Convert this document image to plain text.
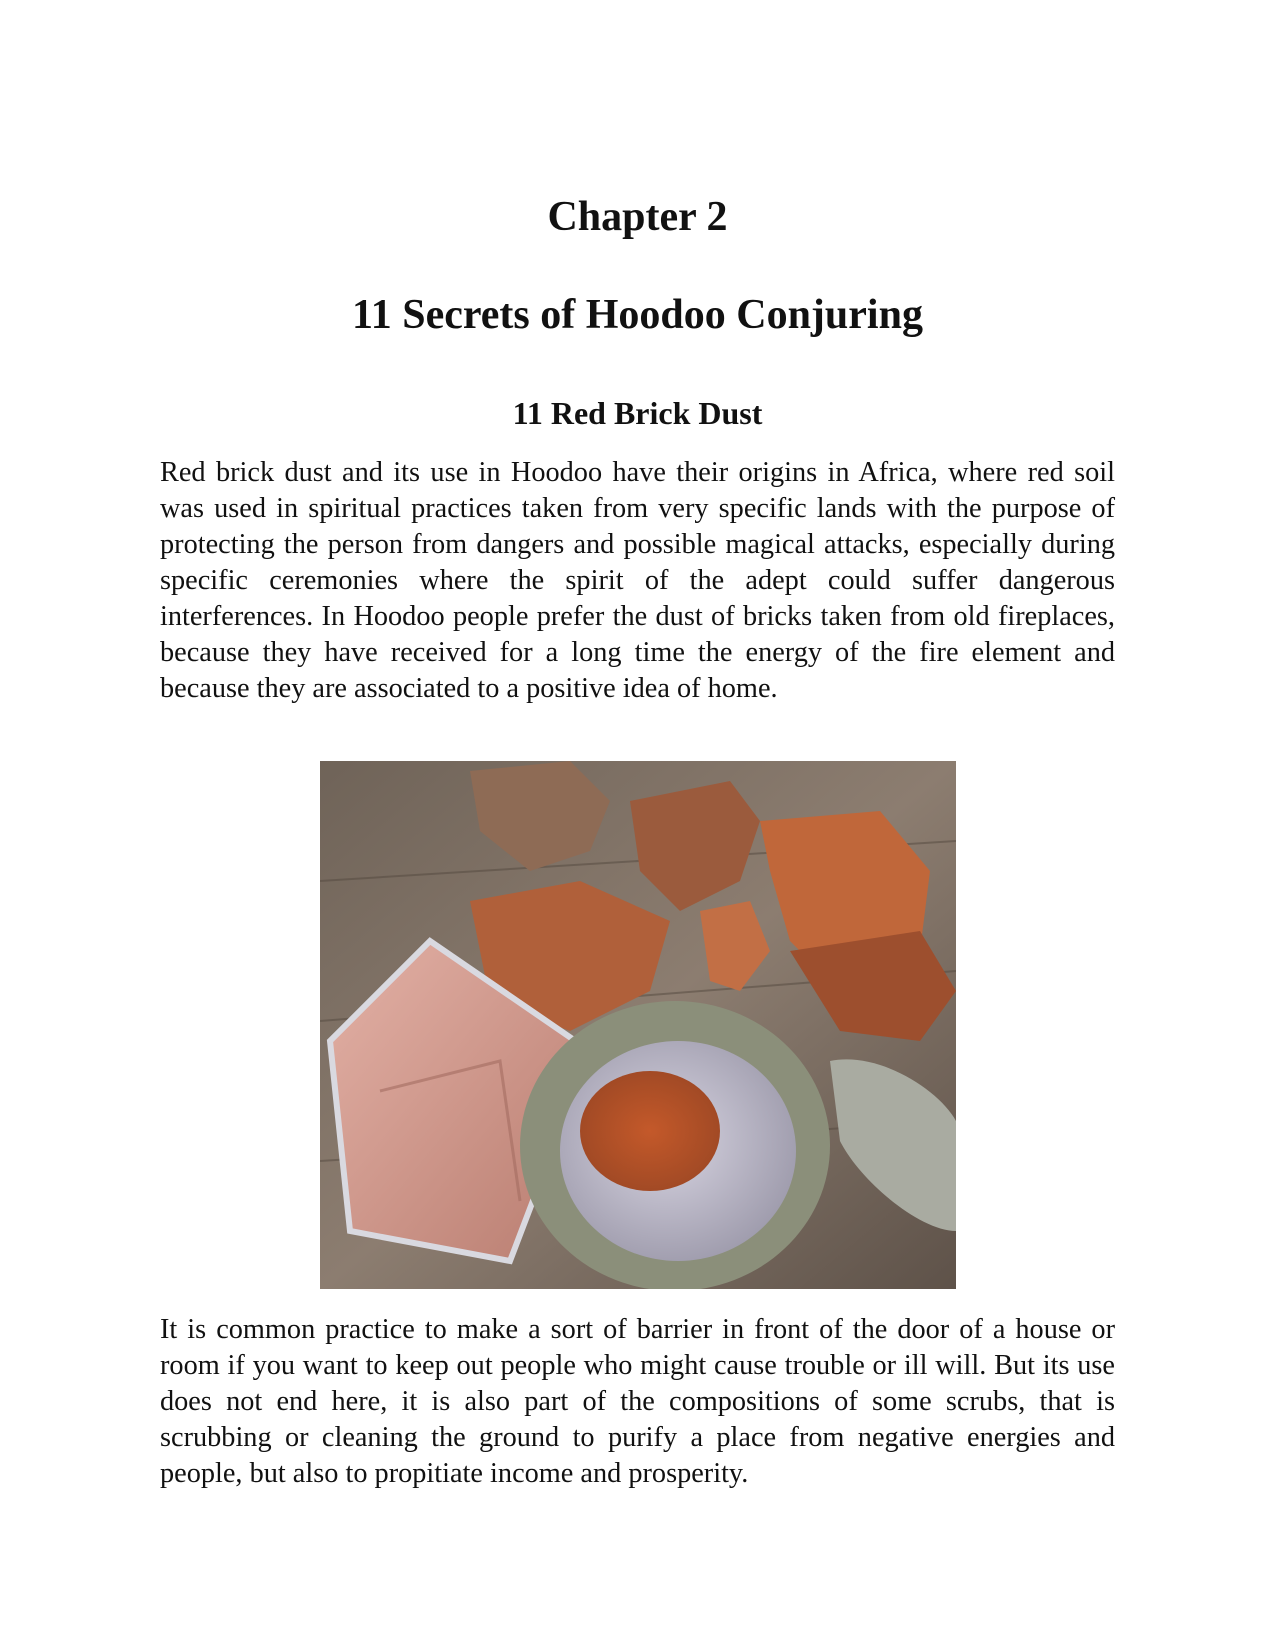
Chapter 2
11 Secrets of Hoodoo Conjuring
11 Red Brick Dust

Red brick dust and its use in Hoodoo have their origins in Africa, where red soil was used in spiritual practices taken from very specific lands with the purpose of protecting the person from dangers and possible magical attacks, especially during specific ceremonies where the spirit of the adept could suffer dangerous interferences. In Hoodoo people prefer the dust of bricks taken from old fireplaces, because they have received for a long time the energy of the fire element and because they are associated to a positive idea of home.

It is common practice to make a sort of barrier in front of the door of a house or room if you want to keep out people who might cause trouble or ill will. But its use does not end here, it is also part of the compositions of some scrubs, that is scrubbing or cleaning the ground to purify a place from negative energies and people, but also to propitiate income and prosperity.
